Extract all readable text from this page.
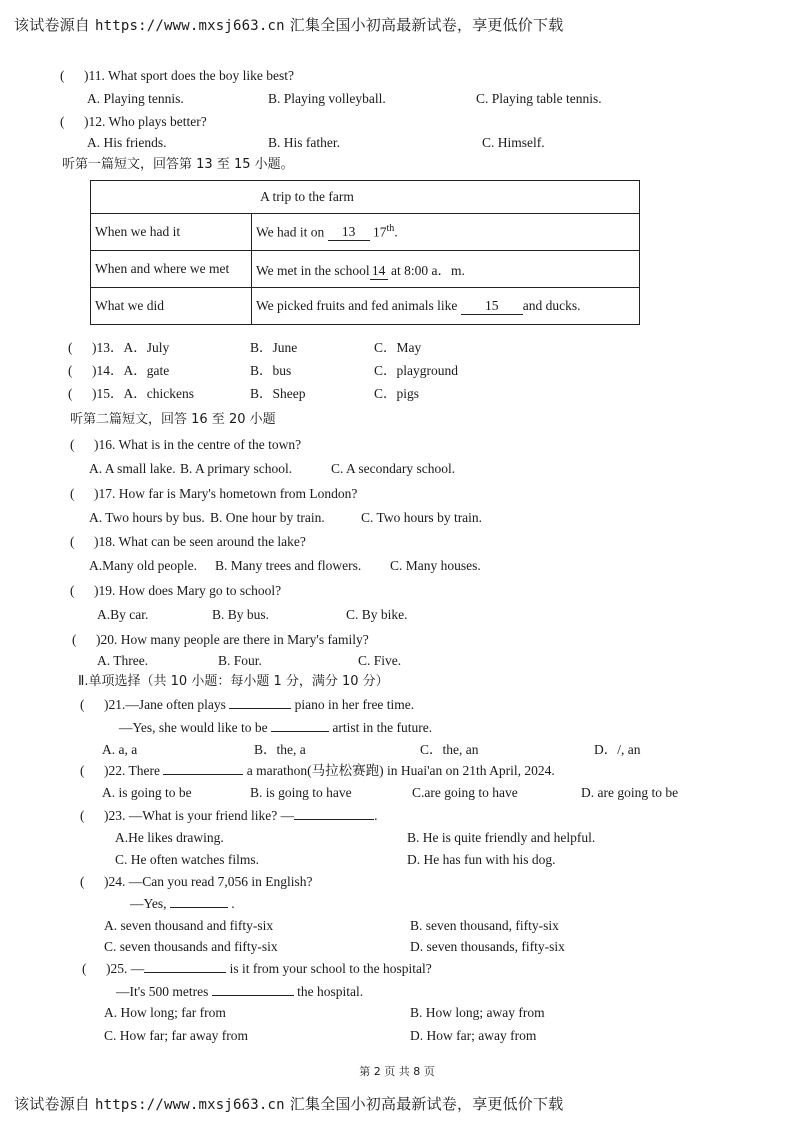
该试卷源自 https://www.mxsj663.cn 汇集全国小初高最新试卷，享更低价下载
( )11. What sport does the boy like best?
A. Playing tennis.	B. Playing volleyball.	C. Playing table tennis.
( )12. Who plays better?
A. His friends.	B. His father.	C. Himself.
听第一篇短文，回答第 13 至 15 小题。
A trip to the farm	
When we had it	We had it on 13 17th.
When and where we met	We met in the school 14 at 8:00 a．m.
What we did	We picked fruits and fed animals like 15 and ducks.
( )13．A．July	B．June	C．May
( )14．A．gate	B．bus	C．playground
( )15．A．chickens	B．Sheep	C．pigs
听第二篇短文，回答 16 至 20 小题
( )16. What is in the centre of the town?
A. A small lake. B. A primary school.	C. A secondary school.
( )17. How far is Mary's hometown from London?
A. Two hours by bus. B. One hour by train.	C. Two hours by train.
( )18. What can be seen around the lake?
A.Many old people. B. Many trees and flowers. C. Many houses.
( )19. How does Mary go to school?
A.By car.	B. By bus.	C. By bike.
( )20. How many people are there in Mary's family?
A. Three.	B. Four.	C. Five.
Ⅱ.单项选择（共 10 小题：每小题 1 分，满分 10 分）
( )21.—Jane often plays	piano in her free time.
—Yes, she would like to be	artist in the future.
A. a, a	B．the, a	C．the, an	D．/, an
( )22. There	a marathon(马拉松赛跑) in Huai'an on 21th April, 2024.
A. is going to be	B. is going to have	C.are going to have	D. are going to be
( )23. —What is your friend like? —	.
A.He likes drawing.	B. He is quite friendly and helpful.
C. He often watches films.	D. He has fun with his dog.
( )24. —Can you read 7,056 in English?
—Yes,	.
A. seven thousand and fifty-six	B. seven thousand, fifty-six
C. seven thousands and fifty-six	D. seven thousands, fifty-six
( )25. —	is it from your school to the hospital?
—It's 500 metres	the hospital.
A. How long; far from	B. How long; away from
C. How far; far away from	D. How far; away from
第 2 页 共 8 页
该试卷源自 https://www.mxsj663.cn 汇集全国小初高最新试卷，享更低价下载
